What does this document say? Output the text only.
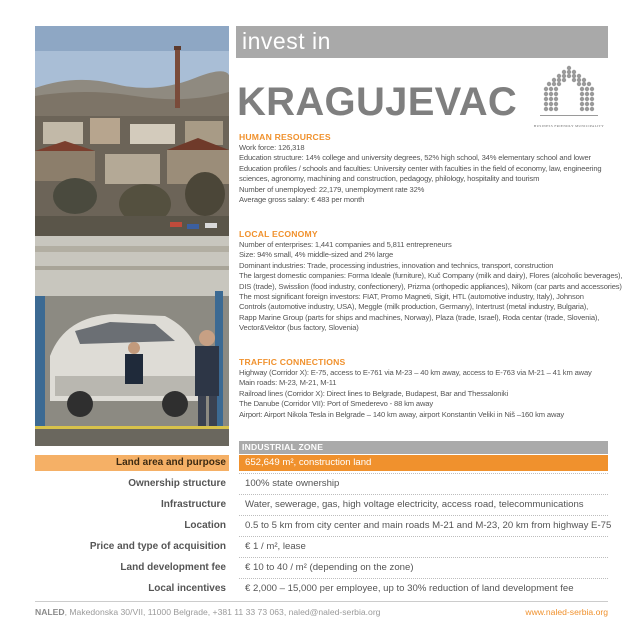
invest in
KRAGUJEVAC
BUSINESS FRIENDLY MUNICIPALITY
HUMAN RESOURCES
Work force: 126,318
Education structure: 14% college and university degrees, 52% high school, 34% elementary school and lower
Education profiles / schools and faculties: University center with faculties in the field of economy, law, engineering
sciences, agronomy, machining and construction, pedagogy, philology, hospitality and tourism
Number of unemployed: 22,179, unemployment rate 32%
Average gross salary: € 483 per month
LOCAL ECONOMY
Number of enterprises: 1,441 companies and 5,811 entrepreneurs
Size: 94% small, 4% middle-sized and 2% large
Dominant industries: Trade, processing industries, innovation and technics, transport, construction
The largest domestic companies: Forma Ideale (furniture), Kuč Company (milk and dairy), Flores (alcoholic beverages),
DIS (trade), Swisslion (food industry, confectionery), Prizma (orthopedic appliances), Nikom (car parts and accessories)
The most significant foreign investors: FIAT, Promo Magneti, Sigit, HTL (automotive industry, Italy), Johnson
Controls (automotive industry, USA), Meggle (milk production, Germany), Intertrust (metal industry, Bulgaria),
Rapp Marine Group (parts for ships and machines, Norway), Plaza (trade, Israel), Roda centar (trade, Slovenia),
Vector&Vektor (bus factory, Slovenia)
TRAFFIC CONNECTIONS
Highway (Corridor X): E-75, access to E-761 via M-23 – 40 km away, access to E-763 via M-21 – 41 km away
Main roads: M-23, M-21, M-11
Railroad lines (Corridor X): Direct lines to Belgrade, Budapest, Bar and Thessaloniki
The Danube (Corridor VII): Port of Smederevo - 88 km away
Airport: Airport Nikola Tesla in Belgrade – 140 km away, airport Konstantin Veliki in Niš –160 km away
INDUSTRIAL ZONE
Land area and purpose	652,649 m², construction land
Ownership structure	100% state ownership
Infrastructure	Water, sewerage, gas, high voltage electricity, access road, telecommunications
Location	0.5 to 5 km from city center and main roads M-21 and M-23, 20 km from highway E-75
Price and type of acquisition	€ 1 / m², lease
Land development fee	€ 10 to 40 / m² (depending on the zone)
Local incentives	€ 2,000 – 15,000 per employee, up to 30% reduction of land development fee
NALED, Makedonska 30/VII, 11000 Belgrade, +381 11 33 73 063, naled@naled-serbia.org	www.naled-serbia.org
